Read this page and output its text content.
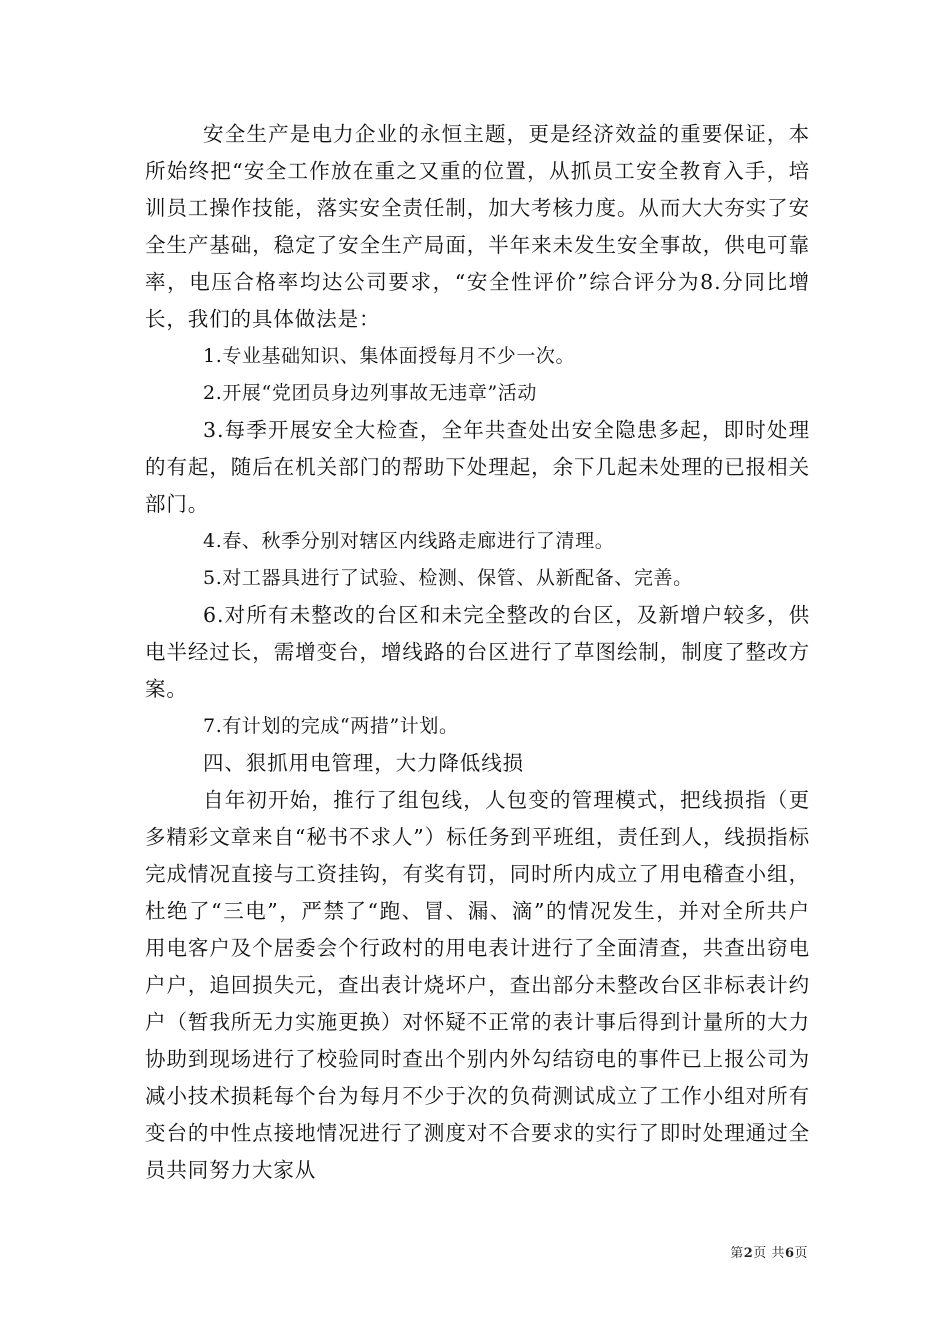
安全生产是电力企业的永恒主题，更是经济效益的重要保证，本所始终把“安全工作放在重之又重的位置，从抓员工安全教育入手，培训员工操作技能，落实安全责任制，加大考核力度。从而大大夯实了安全生产基础，稳定了安全生产局面，半年来未发生安全事故，供电可靠率，电压合格率均达公司要求，“安全性评价”综合评分为8.分同比增长，我们的具体做法是：

1.专业基础知识、集体面授每月不少一次。

2.开展“党团员身边列事故无违章”活动

3.每季开展安全大检查，全年共查处出安全隐患多起，即时处理的有起，随后在机关部门的帮助下处理起，余下几起未处理的已报相关部门。

4.春、秋季分别对辖区内线路走廊进行了清理。

5.对工器具进行了试验、检测、保管、从新配备、完善。

6.对所有未整改的台区和未完全整改的台区，及新增户较多，供电半经过长，需增变台，增线路的台区进行了草图绘制，制度了整改方案。

7.有计划的完成“两措”计划。

四、狠抓用电管理，大力降低线损

自年初开始，推行了组包线，人包变的管理模式，把线损指（更多精彩文章来自“秘书不求人”）标任务到平班组，责任到人，线损指标完成情况直接与工资挂钩，有奖有罚，同时所内成立了用电稽查小组，杜绝了“三电”，严禁了“跑、冒、漏、滴”的情况发生，并对全所共户用电客户及个居委会个行政村的用电表计进行了全面清查，共查出窃电户户，追回损失元，查出表计烧坏户，查出部分未整改台区非标表计约户（暂我所无力实施更换）对怀疑不正常的表计事后得到计量所的大力协助到现场进行了校验同时查出个别内外勾结窃电的事件已上报公司为减小技术损耗每个台为每月不少于次的负荷测试成立了工作小组对所有变台的中性点接地情况进行了测度对不合要求的实行了即时处理通过全员共同努力大家从

第2页 共6页
